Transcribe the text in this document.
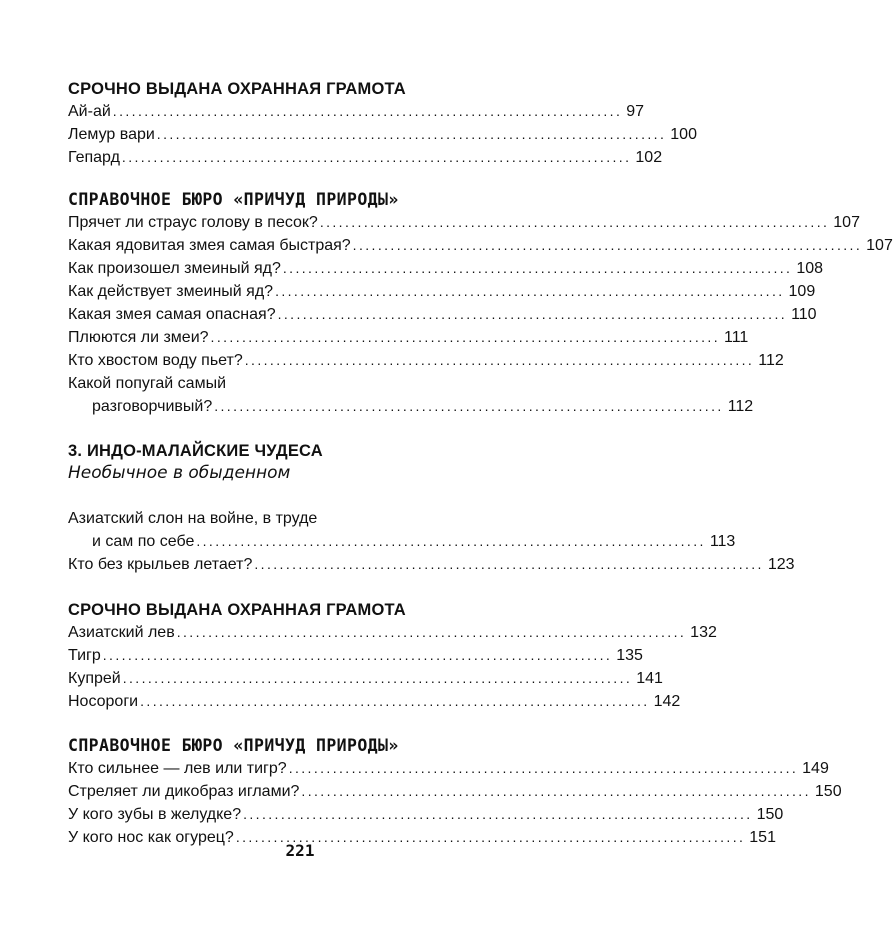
СРОЧНО ВЫДАНА ОХРАННАЯ ГРАМОТА
Ай-ай ................................................................................. 97
Лемур вари ................................................................................. 100
Гепард ................................................................................. 102
СПРАВОЧНОЕ БЮРО «ПРИЧУД ПРИРОДЫ»
Прячет ли страус голову в песок? ................................................................................. 107
Какая ядовитая змея самая быстрая? ................................................................................. 107
Как произошел змеиный яд? ................................................................................. 108
Как действует змеиный яд? ................................................................................. 109
Какая змея самая опасная? ................................................................................. 110
Плюются ли змеи? ................................................................................. 111
Кто хвостом воду пьет? ................................................................................. 112
Какой попугай самый
разговорчивый? ................................................................................. 112
3. ИНДО-МАЛАЙСКИЕ ЧУДЕСА
Необычное в обыденном
Азиатский слон на войне, в труде
и сам по себе ................................................................................. 113
Кто без крыльев летает? ................................................................................. 123
СРОЧНО ВЫДАНА ОХРАННАЯ ГРАМОТА
Азиатский лев ................................................................................. 132
Тигр ................................................................................. 135
Купрей ................................................................................. 141
Носороги ................................................................................. 142
СПРАВОЧНОЕ БЮРО «ПРИЧУД ПРИРОДЫ»
Кто сильнее — лев или тигр? ................................................................................. 149
Стреляет ли дикобраз иглами? ................................................................................. 150
У кого зубы в желудке? ................................................................................. 150
У кого нос как огурец? ................................................................................. 151
221
